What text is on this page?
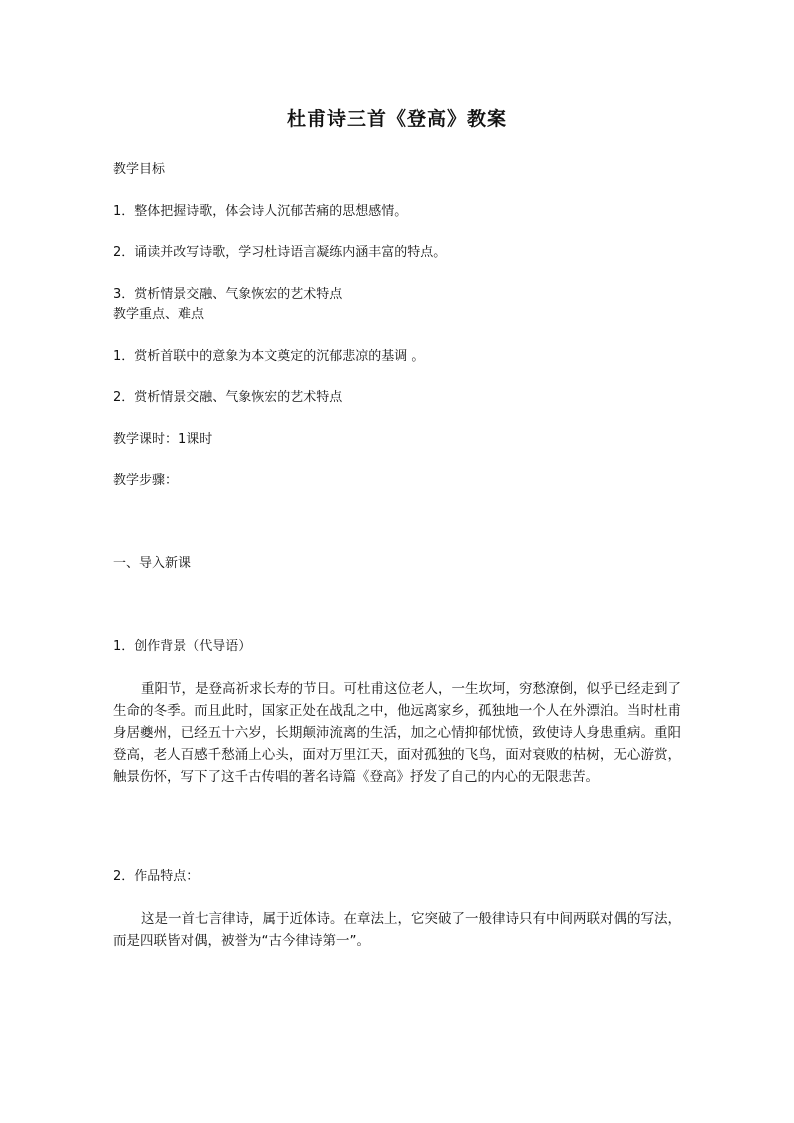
杜甫诗三首《登高》教案
教学目标
1．整体把握诗歌，体会诗人沉郁苦痛的思想感情。
2．诵读并改写诗歌，学习杜诗语言凝练内涵丰富的特点。
3．赏析情景交融、气象恢宏的艺术特点
教学重点、难点
1．赏析首联中的意象为本文奠定的沉郁悲凉的基调 。
2．赏析情景交融、气象恢宏的艺术特点
教学课时：1课时
教学步骤：
一、导入新课
1．创作背景（代导语）
重阳节，是登高祈求长寿的节日。可杜甫这位老人，一生坎坷，穷愁潦倒，似乎已经走到了生命的冬季。而且此时，国家正处在战乱之中，他远离家乡，孤独地一个人在外漂泊。当时杜甫身居夔州，已经五十六岁，长期颠沛流离的生活，加之心情抑郁忧愤，致使诗人身患重病。重阳登高，老人百感千愁涌上心头，面对万里江天，面对孤独的飞鸟，面对衰败的枯树，无心游赏，触景伤怀，写下了这千古传唱的著名诗篇《登高》抒发了自己的内心的无限悲苦。
2．作品特点：
这是一首七言律诗，属于近体诗。在章法上，它突破了一般律诗只有中间两联对偶的写法，而是四联皆对偶，被誉为“古今律诗第一”。
